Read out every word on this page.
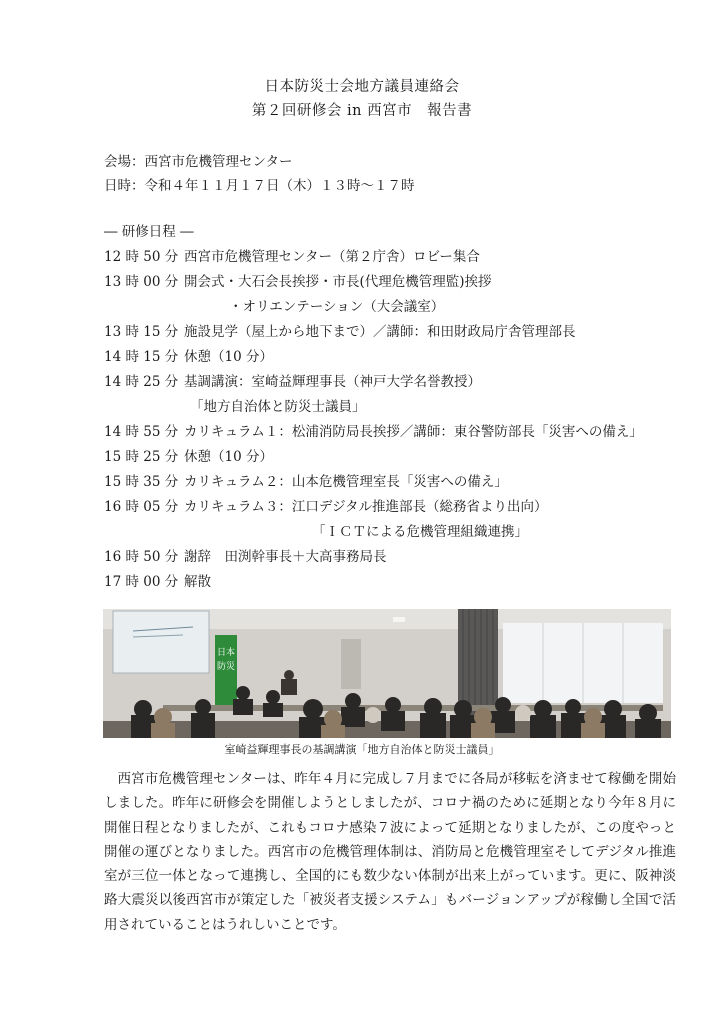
日本防災士会地方議員連絡会
第２回研修会 in 西宮市　報告書
会場：西宮市危機管理センター
日時：令和４年１１月１７日（木）１３時～１７時
― 研修日程 ―
12 時 50 分 西宮市危機管理センター（第２庁舎）ロビー集合
13 時 00 分 開会式・大石会長挨拶・市長(代理危機管理監)挨拶
・オリエンテーション（大会議室）
13 時 15 分 施設見学（屋上から地下まで）／講師：和田財政局庁舎管理部長
14 時 15 分 休憩（10 分）
14 時 25 分 基調講演：室崎益輝理事長（神戸大学名誉教授）
「地方自治体と防災士議員」
14 時 55 分 カリキュラム１：松浦消防局長挨拶／講師：東谷警防部長「災害への備え」
15 時 25 分 休憩（10 分）
15 時 35 分 カリキュラム２：山本危機管理室長「災害への備え」
16 時 05 分 カリキュラム３：江口デジタル推進部長（総務省より出向）
「ＩＣＴによる危機管理組織連携」
16 時 50 分 謝辞　田渕幹事長＋大高事務局長
17 時 00 分 解散
日本
防災
室崎益輝理事長の基調講演「地方自治体と防災士議員」

西宮市危機管理センターは、昨年４月に完成し７月までに各局が移転を済ませて稼働を開始しました。昨年に研修会を開催しようとしましたが、コロナ禍のために延期となり今年８月に開催日程となりましたが、これもコロナ感染７波によって延期となりましたが、この度やっと開催の運びとなりました。西宮市の危機管理体制は、消防局と危機管理室そしてデジタル推進室が三位一体となって連携し、全国的にも数少ない体制が出来上がっています。更に、阪神淡路大震災以後西宮市が策定した「被災者支援システム」もバージョンアップが稼働し全国で活用されていることはうれしいことです。
